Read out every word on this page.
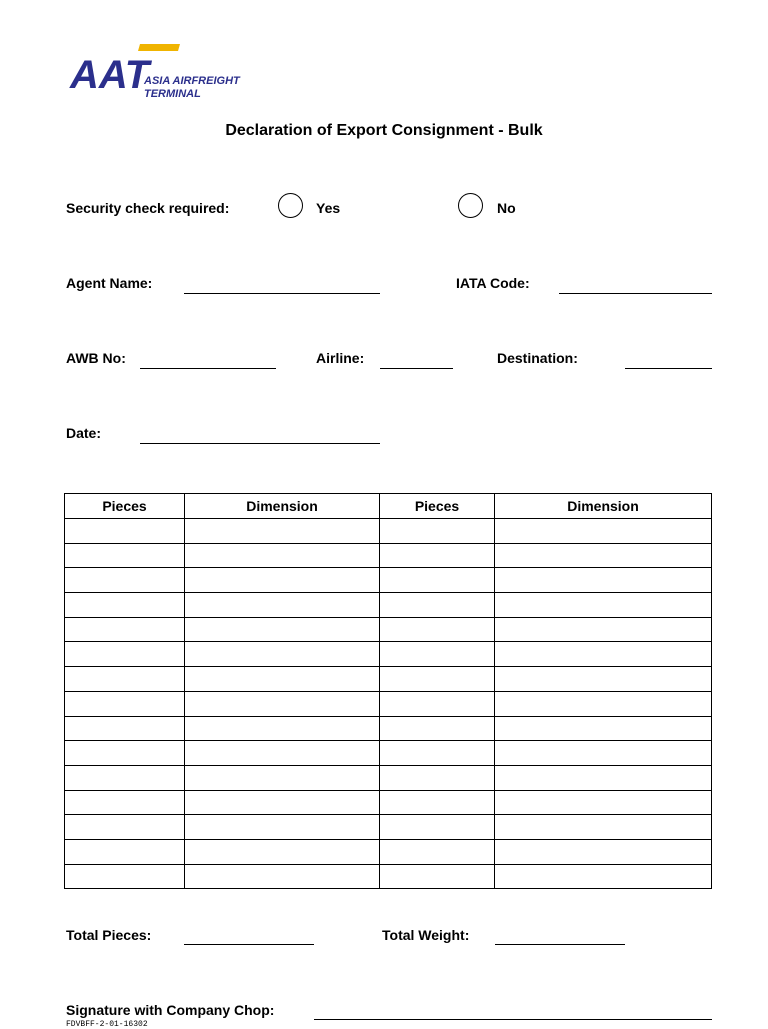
AAT
ASIA AIRFREIGHT
TERMINAL
Declaration of Export Consignment - Bulk
Security check required:	Yes	No
Agent Name:	IATA Code:
AWB No:	Airline:	Destination:
Date:
Pieces	Dimension	Pieces	Dimension

Total Pieces:	Total Weight:
Signature with Company Chop:
FDVBFF-2-01-16302
